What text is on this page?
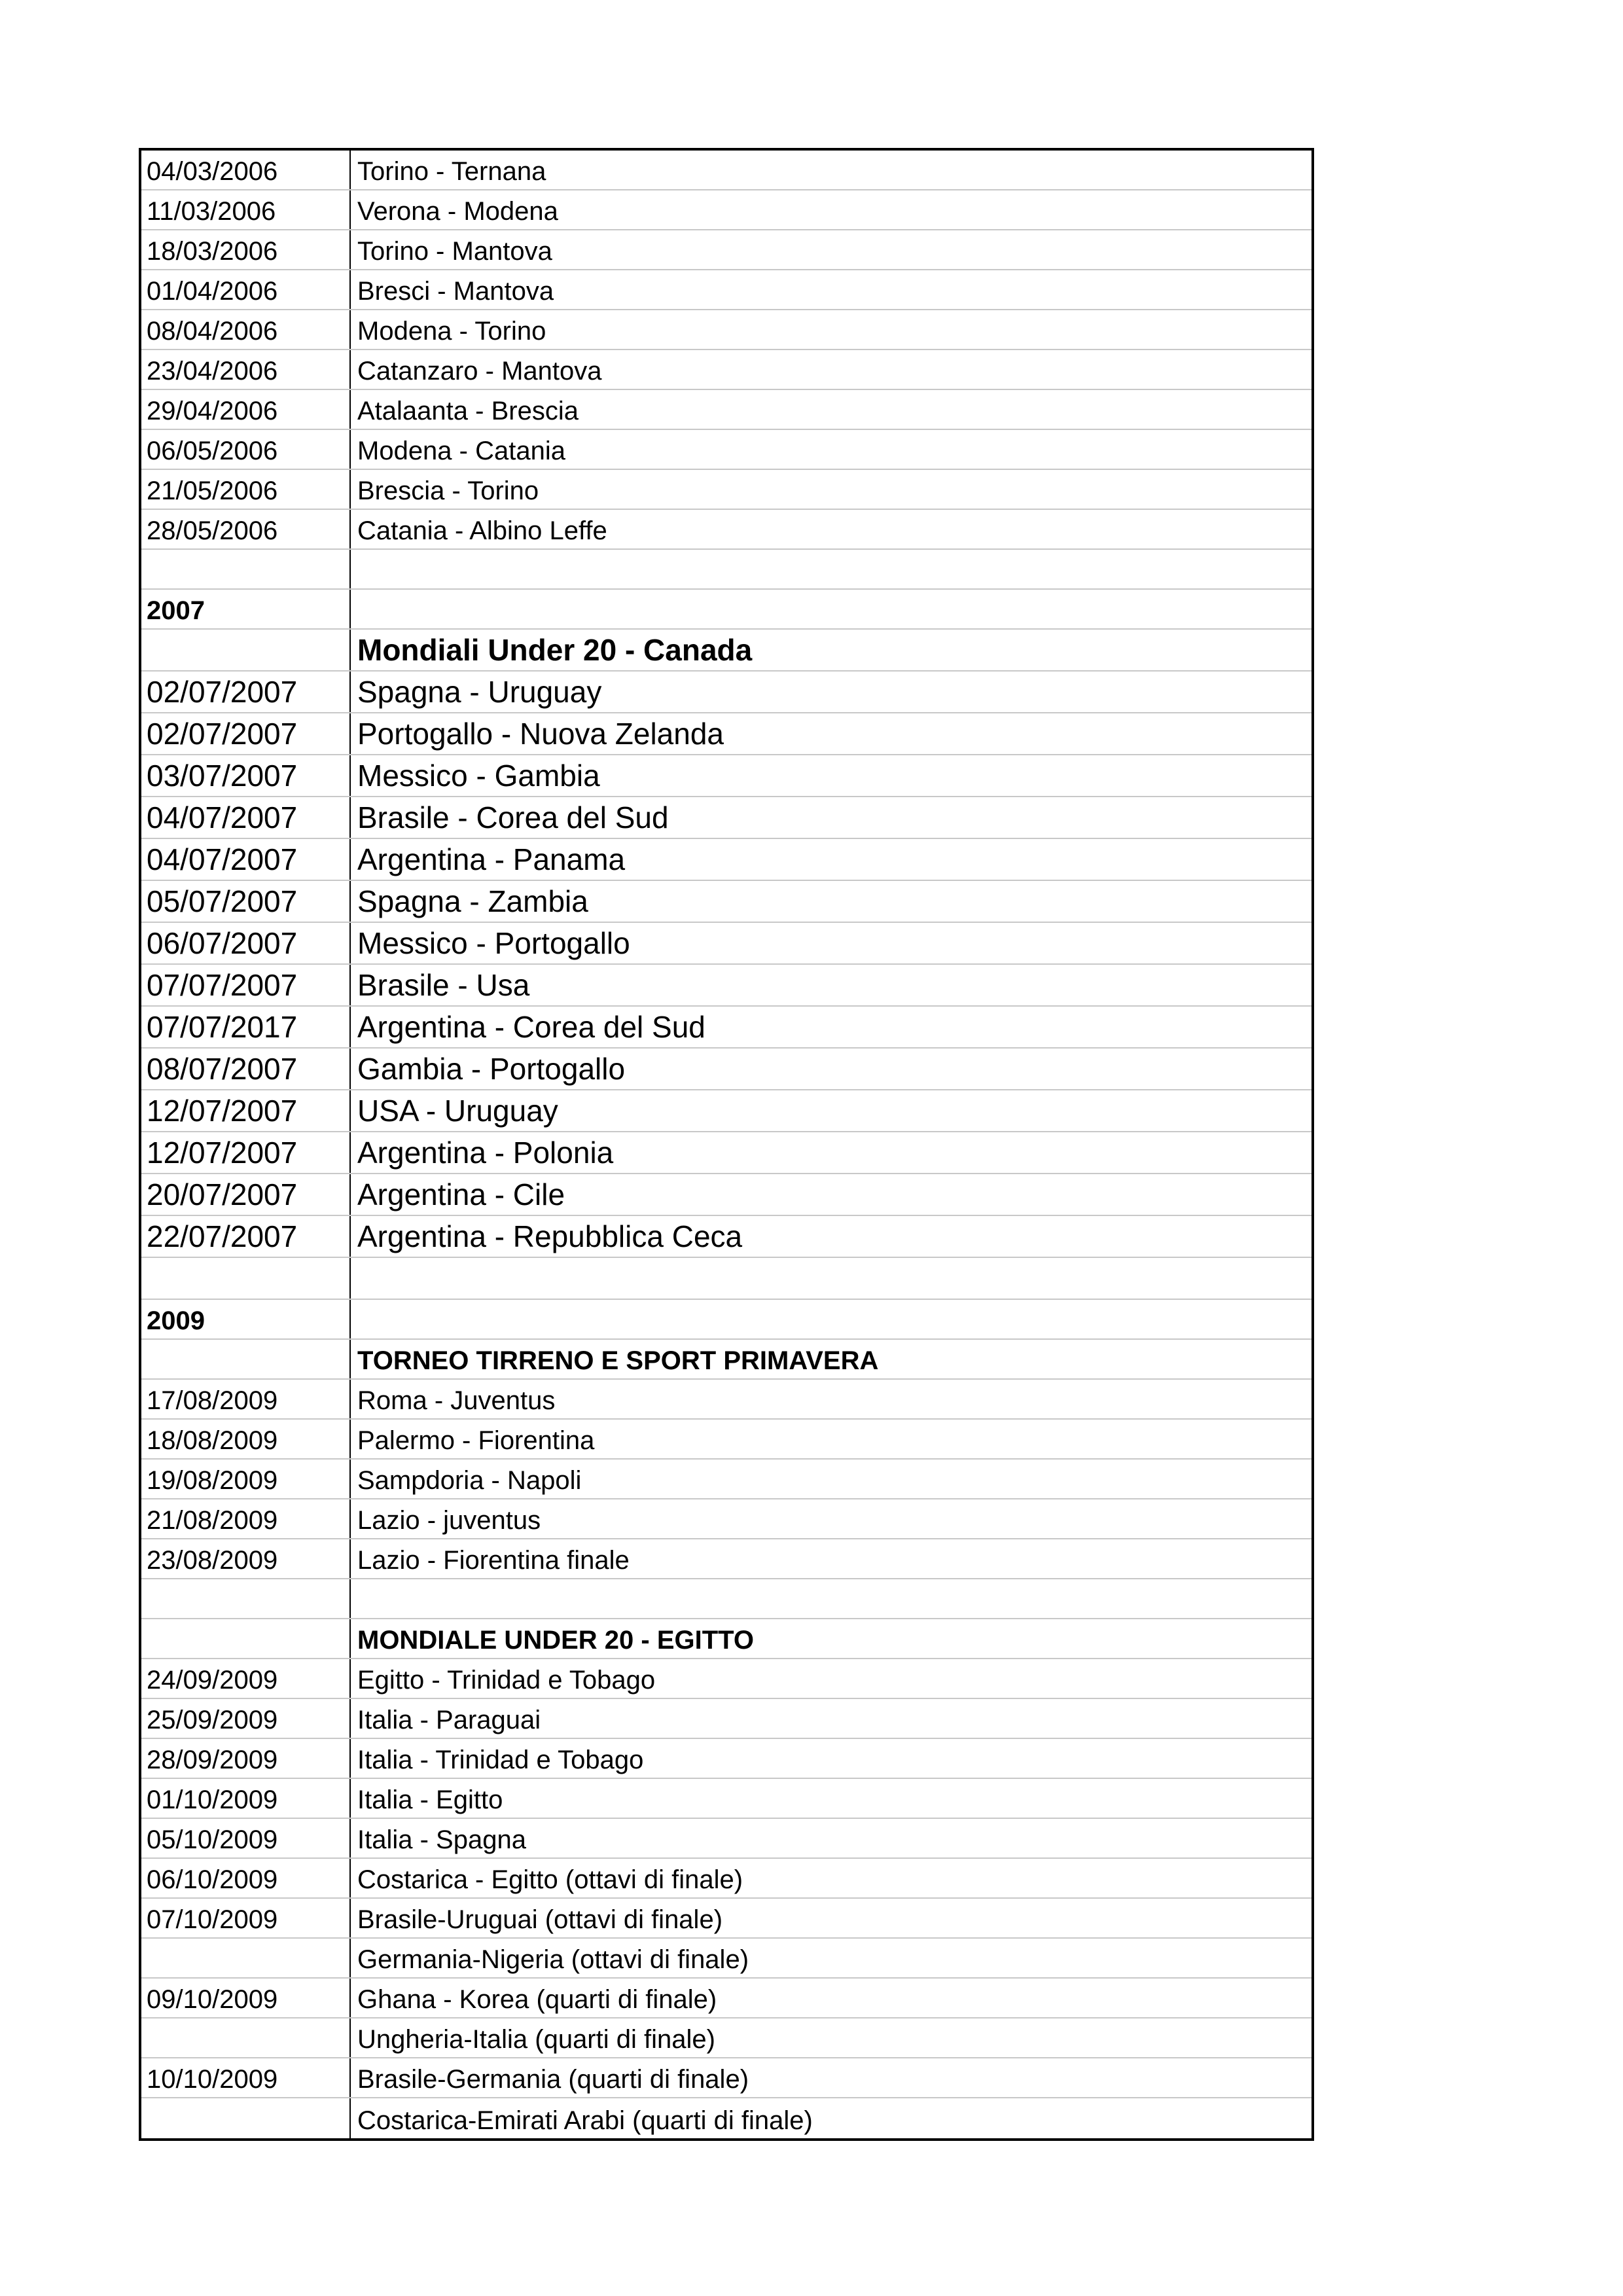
04/03/2006	Torino - Ternana
11/03/2006	Verona - Modena
18/03/2006	Torino - Mantova
01/04/2006	Bresci - Mantova
08/04/2006	Modena - Torino
23/04/2006	Catanzaro - Mantova
29/04/2006	Atalaanta - Brescia
06/05/2006	Modena - Catania
21/05/2006	Brescia - Torino
28/05/2006	Catania - Albino Leffe
2007
Mondiali Under 20 - Canada
02/07/2007	Spagna - Uruguay
02/07/2007	Portogallo - Nuova Zelanda
03/07/2007	Messico - Gambia
04/07/2007	Brasile - Corea del Sud
04/07/2007	Argentina - Panama
05/07/2007	Spagna - Zambia
06/07/2007	Messico - Portogallo
07/07/2007	Brasile - Usa
07/07/2017	Argentina - Corea del Sud
08/07/2007	Gambia - Portogallo
12/07/2007	USA - Uruguay
12/07/2007	Argentina - Polonia
20/07/2007	Argentina - Cile
22/07/2007	Argentina - Repubblica Ceca
2009
TORNEO TIRRENO E SPORT PRIMAVERA
17/08/2009	Roma - Juventus
18/08/2009	Palermo - Fiorentina
19/08/2009	Sampdoria - Napoli
21/08/2009	Lazio - juventus
23/08/2009	Lazio - Fiorentina finale
MONDIALE UNDER 20 - EGITTO
24/09/2009	Egitto - Trinidad e Tobago
25/09/2009	Italia - Paraguai
28/09/2009	Italia - Trinidad e Tobago
01/10/2009	Italia - Egitto
05/10/2009	Italia - Spagna
06/10/2009	Costarica - Egitto (ottavi di finale)
07/10/2009	Brasile-Uruguai (ottavi di finale)
Germania-Nigeria (ottavi di finale)
09/10/2009	Ghana - Korea (quarti di finale)
Ungheria-Italia (quarti di finale)
10/10/2009	Brasile-Germania (quarti di finale)
Costarica-Emirati Arabi (quarti di finale)
